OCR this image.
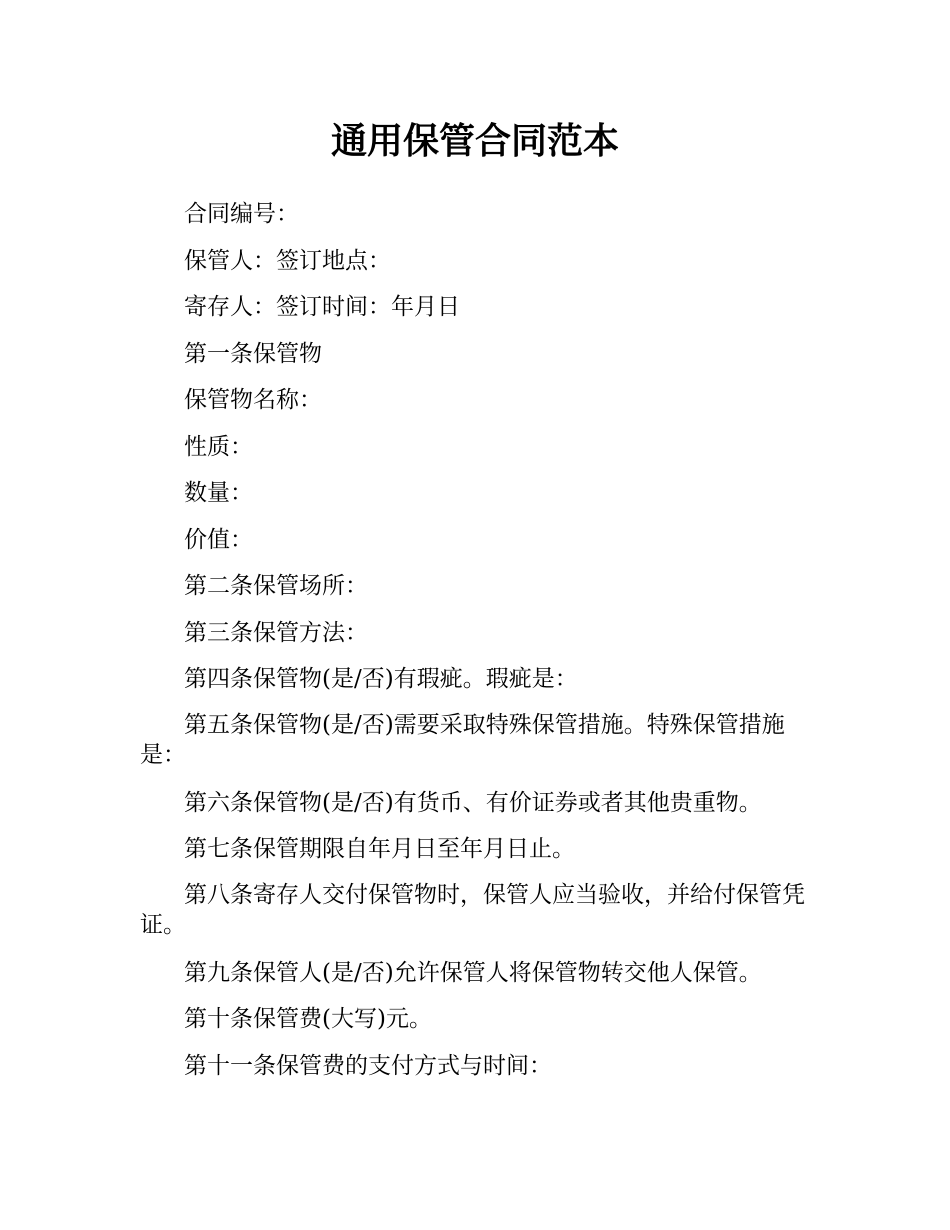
通用保管合同范本

合同编号：

保管人：签订地点：

寄存人：签订时间：年月日

第一条保管物

保管物名称：

性质：

数量：

价值：

第二条保管场所：

第三条保管方法：

第四条保管物(是/否)有瑕疵。瑕疵是：

第五条保管物(是/否)需要采取特殊保管措施。特殊保管措施是：

第六条保管物(是/否)有货币、有价证券或者其他贵重物。

第七条保管期限自年月日至年月日止。

第八条寄存人交付保管物时，保管人应当验收，并给付保管凭证。

第九条保管人(是/否)允许保管人将保管物转交他人保管。

第十条保管费(大写)元。

第十一条保管费的支付方式与时间：
